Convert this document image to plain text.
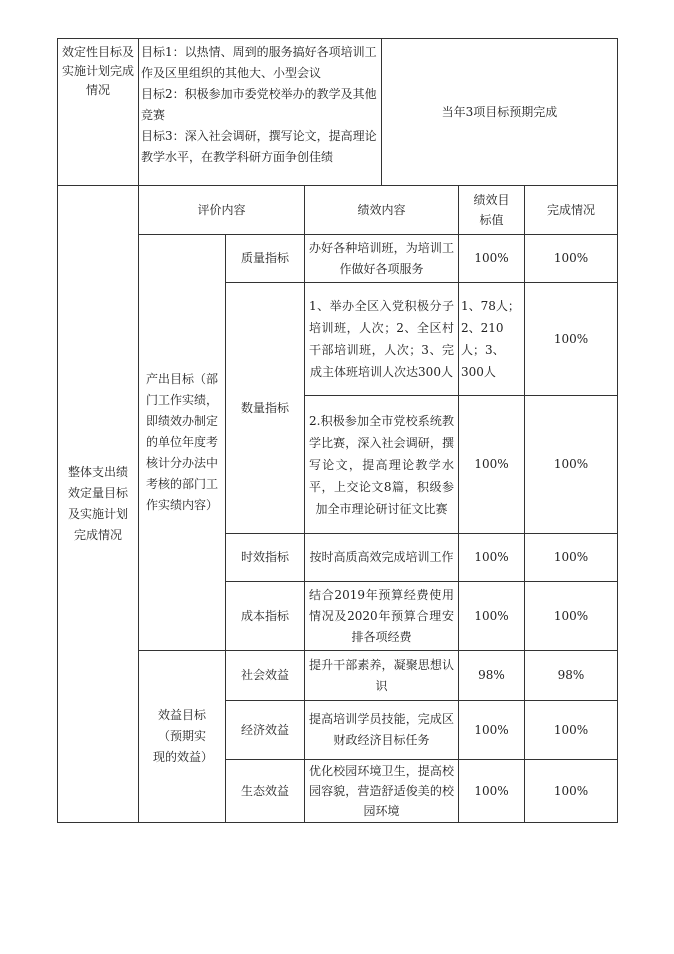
效定性目标及实施计划完成情况
目标1：以热情、周到的服务搞好各项培训工作及区里组织的其他大、小型会议
目标2：积极参加市委党校举办的教学及其他竞赛
目标3：深入社会调研，撰写论文，提高理论教学水平，在教学科研方面争创佳绩
当年3项目标预期完成
整体支出绩效定量目标及实施计划完成情况
评价内容	绩效内容
绩效目标值
完成情况
产出目标（部门工作实绩，即绩效办制定的单位年度考核计分办法中考核的部门工作实绩内容）
效益目标（预期实现的效益）
质量指标
数量指标
时效指标
成本指标
社会效益
经济效益
生态效益
办好各种培训班，为培训工作做好各项服务
1、举办全区入党积极分子培训班，人次；2、全区村干部培训班，人次；3、完成主体班培训人次达300人
2.积极参加全市党校系统教学比赛，深入社会调研，撰写论文，提高理论教学水平，上交论文8篇，积级参加全市理论研讨征文比赛
按时高质高效完成培训工作
结合2019年预算经费使用情况及2020年预算合理安排各项经费
提升干部素养，凝聚思想认识
提高培训学员技能，完成区财政经济目标任务
优化校园环境卫生，提高校园容貌，营造舒适俊美的校园环境
100%
1、78人；2、210人；3、300人
100%
100%
100%
98%
100%
100%
100%
100%
100%
100%
100%
98%
100%
100%
